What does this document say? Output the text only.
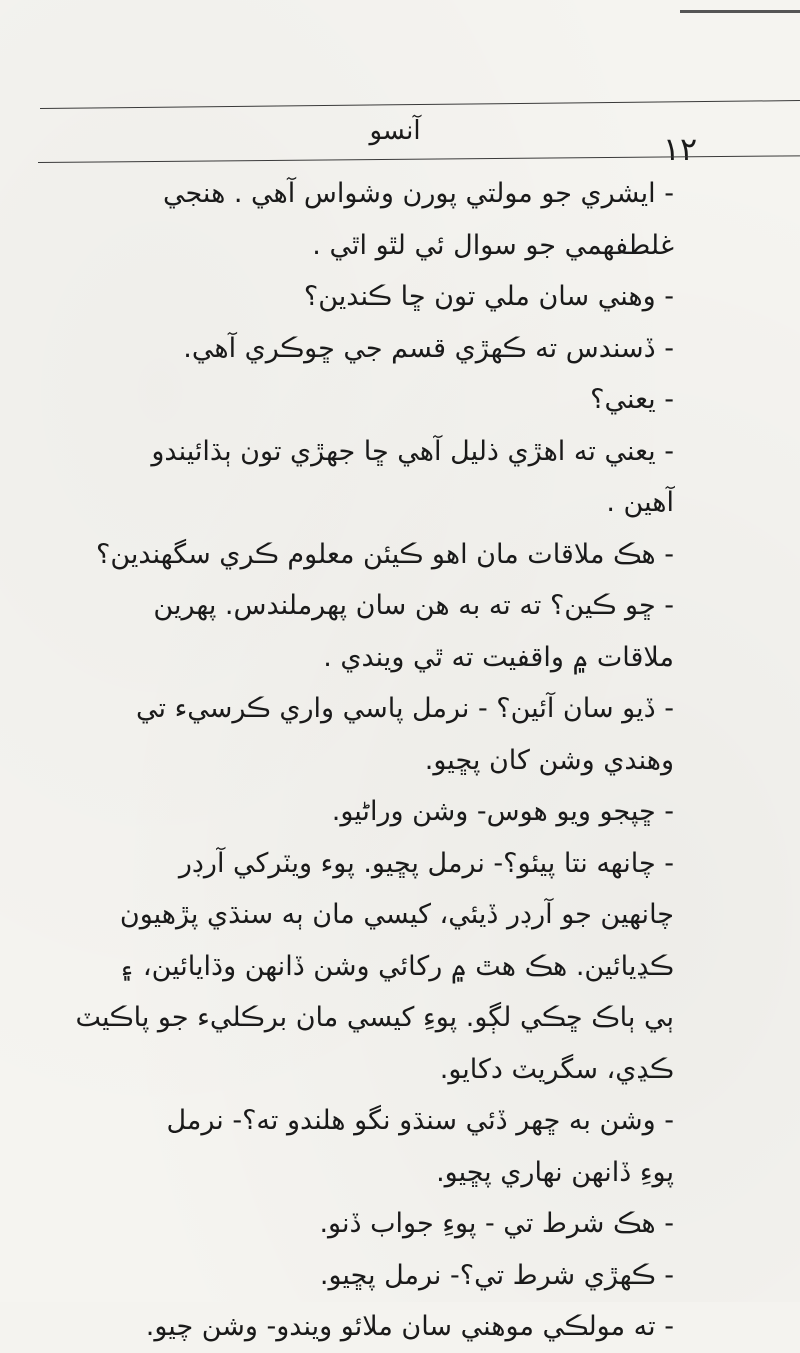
آنسو	١٢
- ايشري جو مولتي پورن وشواس آهي . هنجي
غلطفهمي جو سوال ئي لٿو اٿي .
- وهني سان ملي تون ڇا ڪندين؟
- ڏسندس ته ڪهڙي قسم جي ڇوڪري آهي.
- يعني؟
- يعني ته اهڙي ذليل آهي ڇا جهڙي تون ٻڌائيندو
آهين .
- هڪ ملاقات مان اهو ڪيئن معلوم ڪري سگهندين؟
- ڇو ڪين؟ ته ته به هن سان پهرملندس. پهرين
ملاقات ۾ واقفيت ته ٿي ويندي .
- ڏيو سان آئين؟ - نرمل پاسي واري ڪرسيء تي
وهندي وشن کان پڇيو.
- ڇپجو ويو هوس- وشن وراڻيو.
- چانهه نتا پيئو؟- نرمل پڇيو. پوء ويٽرکي آرڊر
چانهين جو آرڊر ڏيئي، کيسي مان ٻه سنڌي پڙهيون
ڪڍيائين. هڪ هٿ ۾ رکائي وشن ڏانهن وڌايائين، ۽
ٻي ٻاڪ ڇڪي لڳو. پوءِ کيسي مان برڪليء جو پاڪيٽ
ڪڍي، سگريٽ دکايو.
- وشن به ڇهر ڏئي سنڌو نگو هلندو ته؟- نرمل
پوءِ ڏانهن نهاري پڇيو.
- هڪ شرط تي - پوءِ جواب ڏنو.
- ڪهڙي شرط تي؟- نرمل پڇيو.
- ته مولڪي موهني سان ملائو ويندو- وشن چيو.
